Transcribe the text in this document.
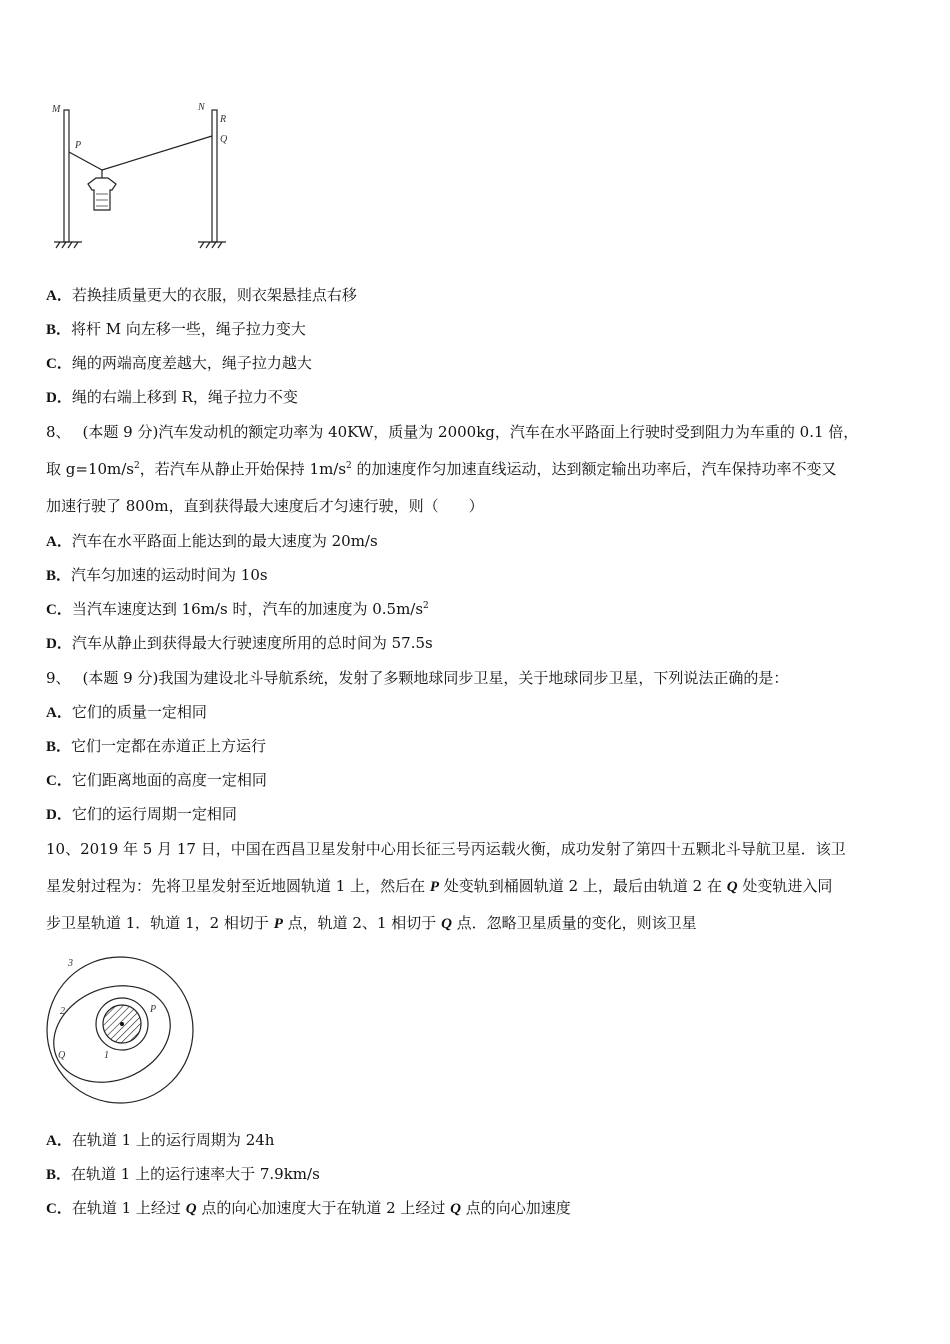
M	N
R
Q
P
A．若换挂质量更大的衣服，则衣架悬挂点右移
B．将杆 M 向左移一些，绳子拉力变大
C．绳的两端高度差越大，绳子拉力越大
D．绳的右端上移到 R，绳子拉力不变
8、 (本题 9 分)汽车发动机的额定功率为 40KW，质量为 2000kg，汽车在水平路面上行驶时受到阻力为车重的 0.1 倍，
取 $g=10m/s^2$，若汽车从静止开始保持 $1m/s^2$ 的加速度作匀加速直线运动，达到额定输出功率后，汽车保持功率不变又
加速行驶了 800m，直到获得最大速度后才匀速行驶，则（　　）
A．汽车在水平路面上能达到的最大速度为 20m/s
B．汽车匀加速的运动时间为 10s
C．当汽车速度达到 16m/s 时，汽车的加速度为 $0.5m/s^2$
D．汽车从静止到获得最大行驶速度所用的总时间为 57.5s
9、 (本题 9 分)我国为建设北斗导航系统，发射了多颗地球同步卫星，关于地球同步卫星，下列说法正确的是：
A．它们的质量一定相同
B．它们一定都在赤道正上方运行
C．它们距离地面的高度一定相同
D．它们的运行周期一定相同
10、2019 年 5 月 17 日，中国在西昌卫星发射中心用长征三号丙运载火衡，成功发射了第四十五颗北斗导航卫星．该卫
星发射过程为：先将卫星发射至近地圆轨道 1 上，然后在 P 处变轨到桶圆轨道 2 上，最后由轨道 2 在 Q 处变轨进入同
步卫星轨道 1．轨道 1，2 相切于 P 点，轨道 2、1 相切于 Q 点．忽略卫星质量的变化，则该卫星
3
2	P
Q	1
A．在轨道 1 上的运行周期为 24h
B．在轨道 1 上的运行速率大于 7.9km/s
C．在轨道 1 上经过 Q 点的向心加速度大于在轨道 2 上经过 Q 点的向心加速度
